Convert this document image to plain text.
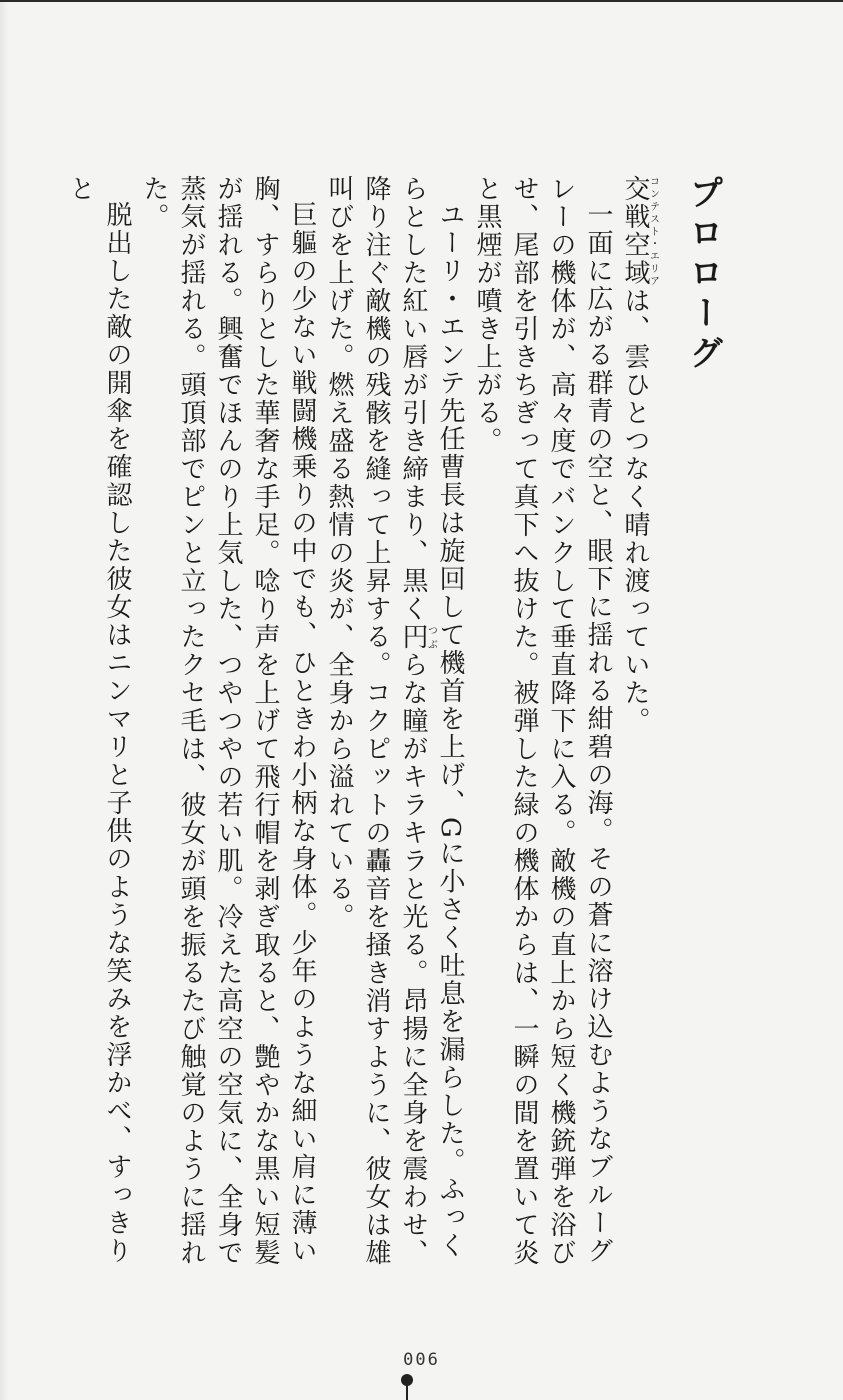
プロローグ

交戦空域コンテスト・エリアは、雲ひとつなく晴れ渡っていた。

一面に広がる群青の空と、眼下に揺れる紺碧の海。その蒼に溶け込むようなブルーグレーの機体が、高々度でバンクして垂直降下に入る。敵機の直上から短く機銃弾を浴びせ、尾部を引きちぎって真下へ抜けた。被弾した緑の機体からは、一瞬の間を置いて炎と黒煙が噴き上がる。

ユーリ・エンテ先任曹長は旋回して機首を上げ、Gに小さく吐息を漏らした。ふっくらとした紅い唇が引き締まり、黒く円つぶらな瞳がキラキラと光る。昂揚に全身を震わせ、降り注ぐ敵機の残骸を縫って上昇する。コクピットの轟音を掻き消すように、彼女は雄叫びを上げた。燃え盛る熱情の炎が、全身から溢れている。

巨軀の少ない戦闘機乗りの中でも、ひときわ小柄な身体。少年のような細い肩に薄い胸、すらりとした華奢な手足。唸り声を上げて飛行帽を剥ぎ取ると、艶やかな黒い短髪が揺れる。興奮でほんのり上気した、つやつやの若い肌。冷えた高空の空気に、全身で蒸気が揺れる。頭頂部でピンと立ったクセ毛は、彼女が頭を振るたび触覚のように揺れた。

脱出した敵の開傘を確認した彼女はニンマリと子供のような笑みを浮かべ、すっきりと

006
